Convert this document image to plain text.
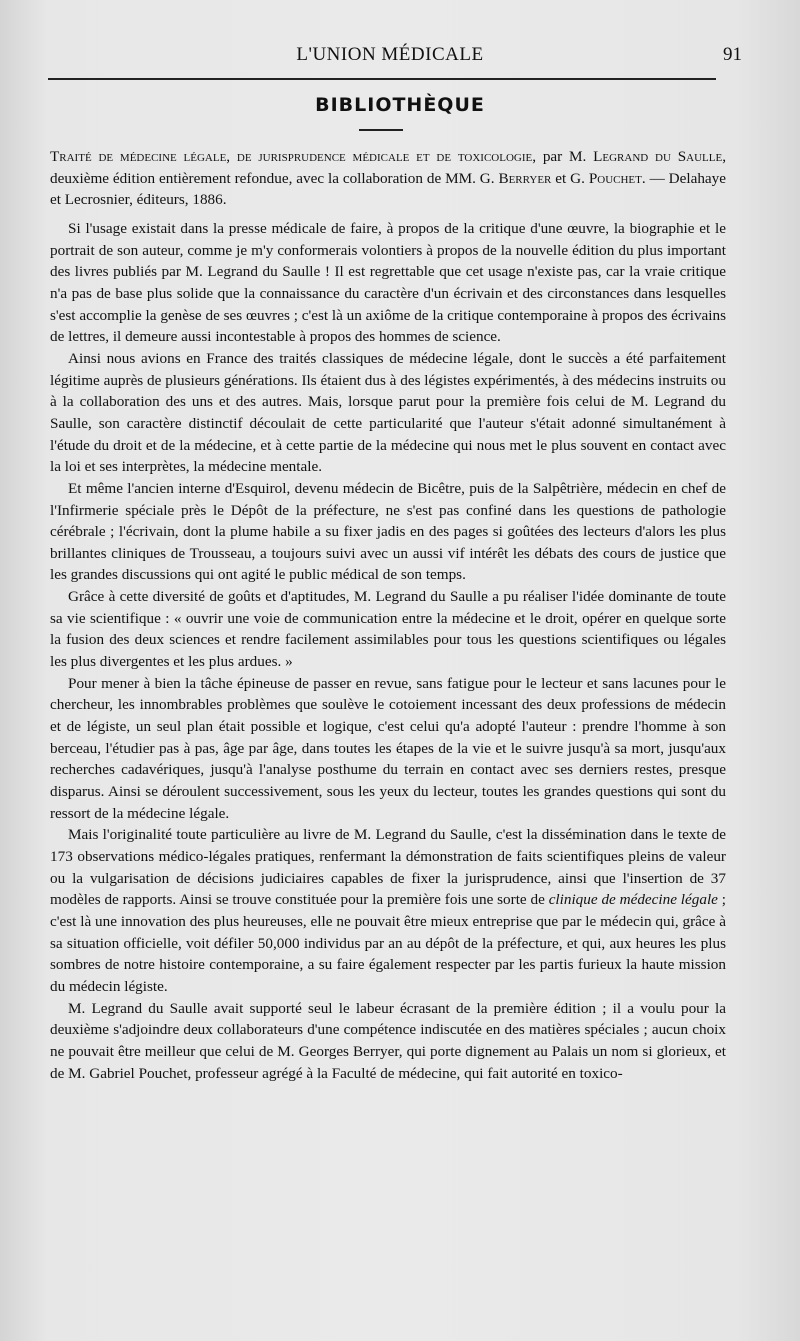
L'UNION MÉDICALE	91
BIBLIOTHÈQUE

Traité de médecine légale, de jurisprudence médicale et de toxicologie, par M. Legrand du Saulle, deuxième édition entièrement refondue, avec la collaboration de MM. G. Berryer et G. Pouchet. — Delahaye et Lecrosnier, éditeurs, 1886.

Si l'usage existait dans la presse médicale de faire, à propos de la critique d'une œuvre, la biographie et le portrait de son auteur, comme je m'y conformerais volontiers à propos de la nouvelle édition du plus important des livres publiés par M. Legrand du Saulle ! Il est regrettable que cet usage n'existe pas, car la vraie critique n'a pas de base plus solide que la connaissance du caractère d'un écrivain et des circonstances dans lesquelles s'est accomplie la genèse de ses œuvres ; c'est là un axiôme de la critique contemporaine à propos des écrivains de lettres, il demeure aussi incontestable à propos des hommes de science.

Ainsi nous avions en France des traités classiques de médecine légale, dont le succès a été parfaitement légitime auprès de plusieurs générations. Ils étaient dus à des légistes expérimentés, à des médecins instruits ou à la collaboration des uns et des autres. Mais, lorsque parut pour la première fois celui de M. Legrand du Saulle, son caractère distinctif découlait de cette particularité que l'auteur s'était adonné simultanément à l'étude du droit et de la médecine, et à cette partie de la médecine qui nous met le plus souvent en contact avec la loi et ses interprètes, la médecine mentale.

Et même l'ancien interne d'Esquirol, devenu médecin de Bicêtre, puis de la Salpêtrière, médecin en chef de l'Infirmerie spéciale près le Dépôt de la préfecture, ne s'est pas confiné dans les questions de pathologie cérébrale ; l'écrivain, dont la plume habile a su fixer jadis en des pages si goûtées des lecteurs d'alors les plus brillantes cliniques de Trousseau, a toujours suivi avec un aussi vif intérêt les débats des cours de justice que les grandes discussions qui ont agité le public médical de son temps.

Grâce à cette diversité de goûts et d'aptitudes, M. Legrand du Saulle a pu réaliser l'idée dominante de toute sa vie scientifique : « ouvrir une voie de communication entre la médecine et le droit, opérer en quelque sorte la fusion des deux sciences et rendre facilement assimilables pour tous les questions scientifiques ou légales les plus divergentes et les plus ardues. »

Pour mener à bien la tâche épineuse de passer en revue, sans fatigue pour le lecteur et sans lacunes pour le chercheur, les innombrables problèmes que soulève le cotoiement incessant des deux professions de médecin et de légiste, un seul plan était possible et logique, c'est celui qu'a adopté l'auteur : prendre l'homme à son berceau, l'étudier pas à pas, âge par âge, dans toutes les étapes de la vie et le suivre jusqu'à sa mort, jusqu'aux recherches cadavériques, jusqu'à l'analyse posthume du terrain en contact avec ses derniers restes, presque disparus. Ainsi se déroulent successivement, sous les yeux du lecteur, toutes les grandes questions qui sont du ressort de la médecine légale.

Mais l'originalité toute particulière au livre de M. Legrand du Saulle, c'est la dissémination dans le texte de 173 observations médico-légales pratiques, renfermant la démonstration de faits scientifiques pleins de valeur ou la vulgarisation de décisions judiciaires capables de fixer la jurisprudence, ainsi que l'insertion de 37 modèles de rapports. Ainsi se trouve constituée pour la première fois une sorte de clinique de médecine légale ; c'est là une innovation des plus heureuses, elle ne pouvait être mieux entreprise que par le médecin qui, grâce à sa situation officielle, voit défiler 50,000 individus par an au dépôt de la préfecture, et qui, aux heures les plus sombres de notre histoire contemporaine, a su faire également respecter par les partis furieux la haute mission du médecin légiste.

M. Legrand du Saulle avait supporté seul le labeur écrasant de la première édition ; il a voulu pour la deuxième s'adjoindre deux collaborateurs d'une compétence indiscutée en des matières spéciales ; aucun choix ne pouvait être meilleur que celui de M. Georges Berryer, qui porte dignement au Palais un nom si glorieux, et de M. Gabriel Pouchet, professeur agrégé à la Faculté de médecine, qui fait autorité en toxico-
